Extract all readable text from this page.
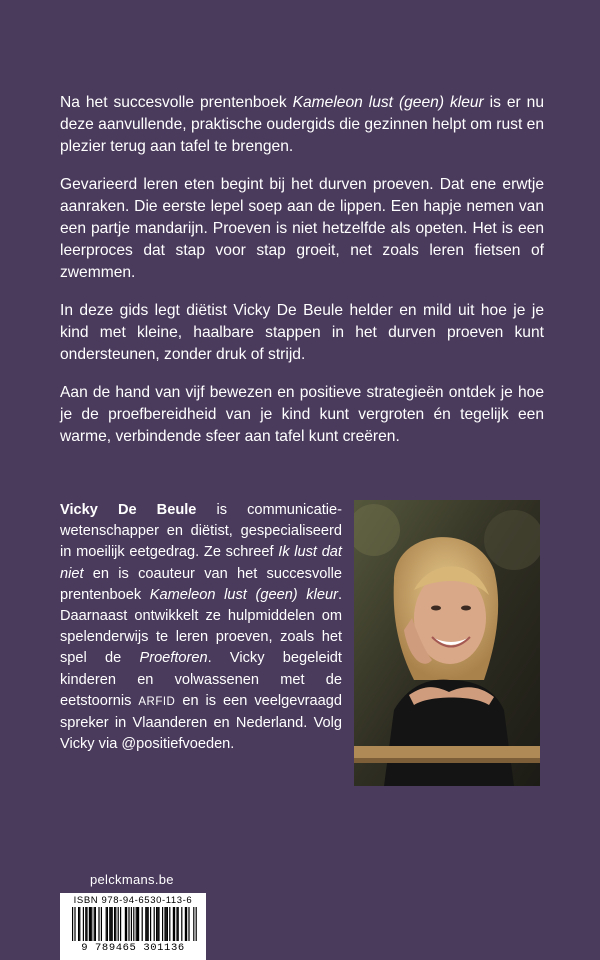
Na het succesvolle prentenboek Kameleon lust (geen) kleur is er nu deze aanvullende, praktische oudergids die gezinnen helpt om rust en plezier terug aan tafel te brengen.

Gevarieerd leren eten begint bij het durven proeven. Dat ene erwtje aanraken. Die eerste lepel soep aan de lippen. Een hapje nemen van een partje mandarijn. Proeven is niet hetzelfde als opeten. Het is een leerproces dat stap voor stap groeit, net zoals leren fietsen of zwemmen.

In deze gids legt diëtist Vicky De Beule helder en mild uit hoe je je kind met kleine, haalbare stappen in het durven proeven kunt ondersteunen, zonder druk of strijd.

Aan de hand van vijf bewezen en positieve strategieën ontdek je hoe je de proefbereidheid van je kind kunt vergroten én tegelijk een warme, verbindende sfeer aan tafel kunt creëren.

Vicky De Beule is communicatiewetenschapper en diëtist, gespecialiseerd in moeilijk eetgedrag. Ze schreef Ik lust dat niet en is coauteur van het succesvolle prentenboek Kameleon lust (geen) kleur. Daarnaast ontwikkelt ze hulpmiddelen om spelenderwijs te leren proeven, zoals het spel de Proeftoren. Vicky begeleidt kinderen en volwassenen met de eetstoornis ARFID en is een veelgevraagd spreker in Vlaanderen en Nederland. Volg Vicky via @positiefvoeden.
pelckmans.be
ISBN 978-94-6530-113-6
9 789465 301136
